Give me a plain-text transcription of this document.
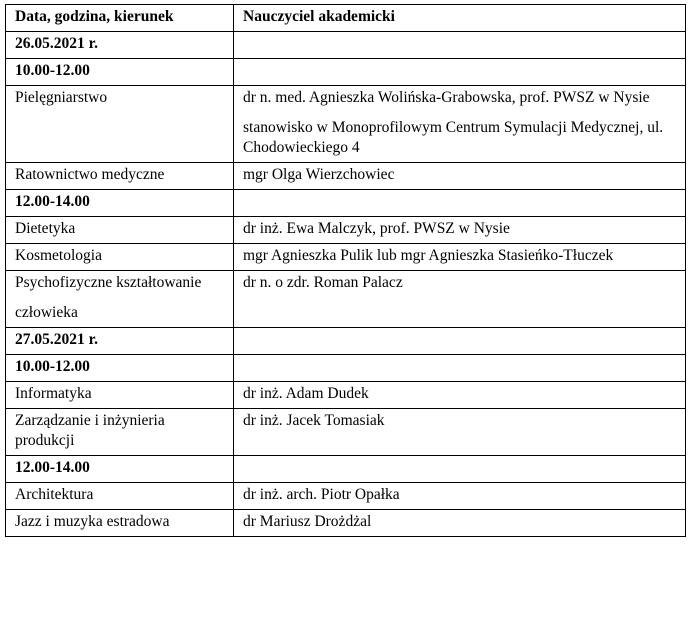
Data, godzina, kierunek	Nauczyciel akademicki
26.05.2021 r.	
10.00-12.00	

Pielęgniarstwo	dr n. med. Agnieszka Wolińska-Grabowska, prof. PWSZ w Nysie
stanowisko w Monoprofilowym Centrum Symulacji Medycznej, ul. Chodowieckiego 4

Ratownictwo medyczne	mgr Olga Wierzchowiec

12.00-14.00	

Dietetyka	dr inż. Ewa Malczyk, prof. PWSZ w Nysie

Kosmetologia	mgr Agnieszka Pulik lub mgr Agnieszka Stasieńko-Tłuczek

Psychofizyczne kształtowanie
człowieka	dr n. o zdr. Roman Palacz

27.05.2021 r.	
10.00-12.00	

Informatyka	dr inż. Adam Dudek

Zarządzanie i inżynieria produkcji	dr inż. Jacek Tomasiak

12.00-14.00	

Architektura	dr inż. arch. Piotr Opałka

Jazz i muzyka estradowa	dr Mariusz Drożdżal
